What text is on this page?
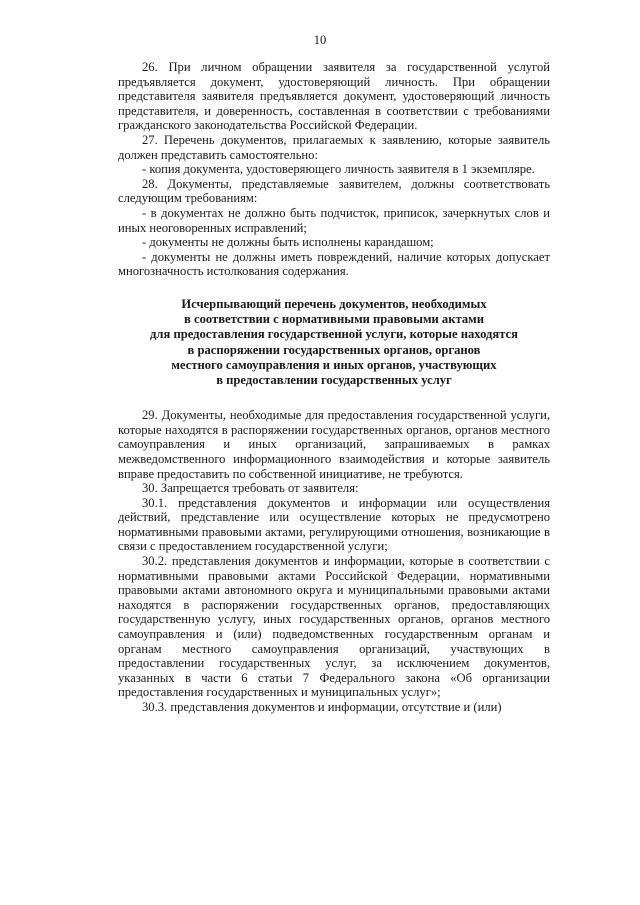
10

26. При личном обращении заявителя за государственной услугой предъявляется документ, удостоверяющий личность. При обращении представителя заявителя предъявляется документ, удостоверяющий личность представителя, и доверенность, составленная в соответствии с требованиями гражданского законодательства Российской Федерации.

27. Перечень документов, прилагаемых к заявлению, которые заявитель должен представить самостоятельно:

- копия документа, удостоверяющего личность заявителя в 1 экземпляре.

28. Документы, представляемые заявителем, должны соответствовать следующим требованиям:

- в документах не должно быть подчисток, приписок, зачеркнутых слов и иных неоговоренных исправлений;

- документы не должны быть исполнены карандашом;

- документы не должны иметь повреждений, наличие которых допускает многозначность истолкования содержания.

Исчерпывающий перечень документов, необходимых
в соответствии с нормативными правовыми актами
для предоставления государственной услуги, которые находятся
в распоряжении государственных органов, органов
местного самоуправления и иных органов, участвующих
в предоставлении государственных услуг

29. Документы, необходимые для предоставления государственной услуги, которые находятся в распоряжении государственных органов, органов местного самоуправления и иных организаций, запрашиваемых в рамках межведомственного информационного взаимодействия и которые заявитель вправе предоставить по собственной инициативе, не требуются.

30. Запрещается требовать от заявителя:

30.1. представления документов и информации или осуществления действий, представление или осуществление которых не предусмотрено нормативными правовыми актами, регулирующими отношения, возникающие в связи с предоставлением государственной услуги;

30.2. представления документов и информации, которые в соответствии с нормативными правовыми актами Российской Федерации, нормативными правовыми актами автономного округа и муниципальными правовыми актами находятся в распоряжении государственных органов, предоставляющих государственную услугу, иных государственных органов, органов местного самоуправления и (или) подведомственных государственным органам и органам местного самоуправления организаций, участвующих в предоставлении государственных услуг, за исключением документов, указанных в части 6 статьи 7 Федерального закона «Об организации предоставления государственных и муниципальных услуг»;

30.3. представления документов и информации, отсутствие и (или)
